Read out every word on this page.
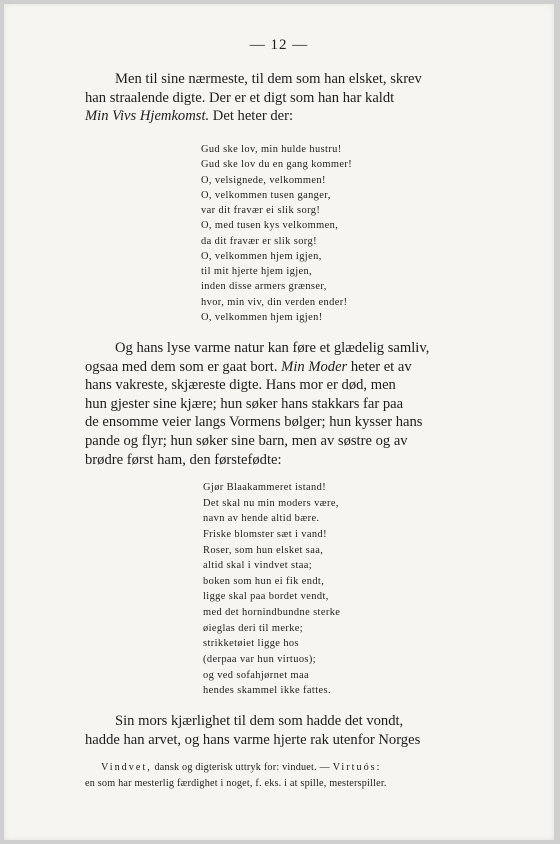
— 12 —

Men til sine nærmeste, til dem som han elsket, skrev

han straalende digte. Der er et digt som han har kaldt

Min Vivs Hjemkomst. Det heter der:

Gud ske lov, min hulde hustru!
Gud ske lov du en gang kommer!
O, velsignede, velkommen!
O, velkommen tusen ganger,
var dit fravær ei slik sorg!
O, med tusen kys velkommen,
da dit fravær er slik sorg!
O, velkommen hjem igjen,
til mit hjerte hjem igjen,
inden disse armers grænser,
hvor, min viv, din verden ender!
O, velkommen hjem igjen!

Og hans lyse varme natur kan føre et glædelig samliv,

ogsaa med dem som er gaat bort. Min Moder heter et av

hans vakreste, skjæreste digte. Hans mor er død, men

hun gjester sine kjære; hun søker hans stakkars far paa

de ensomme veier langs Vormens bølger; hun kysser hans

pande og flyr; hun søker sine barn, men av søstre og av

brødre først ham, den førstefødte:

Gjør Blaakammeret istand!
Det skal nu min moders være,
navn av hende altid bære.
Friske blomster sæt i vand!
Roser, som hun elsket saa,
altid skal i vindvet staa;
boken som hun ei fik endt,
ligge skal paa bordet vendt,
med det hornindbundne sterke
øieglas deri til merke;
strikketøiet ligge hos
(derpaa var hun virtuos);
og ved sofahjørnet maa
hendes skammel ikke fattes.

Sin mors kjærlighet til dem som hadde det vondt,

hadde han arvet, og hans varme hjerte rak utenfor Norges

Vindvet, dansk og digterisk uttryk for: vinduet. — Virtuós:
en som har mesterlig færdighet i noget, f. eks. i at spille, mesterspiller.
